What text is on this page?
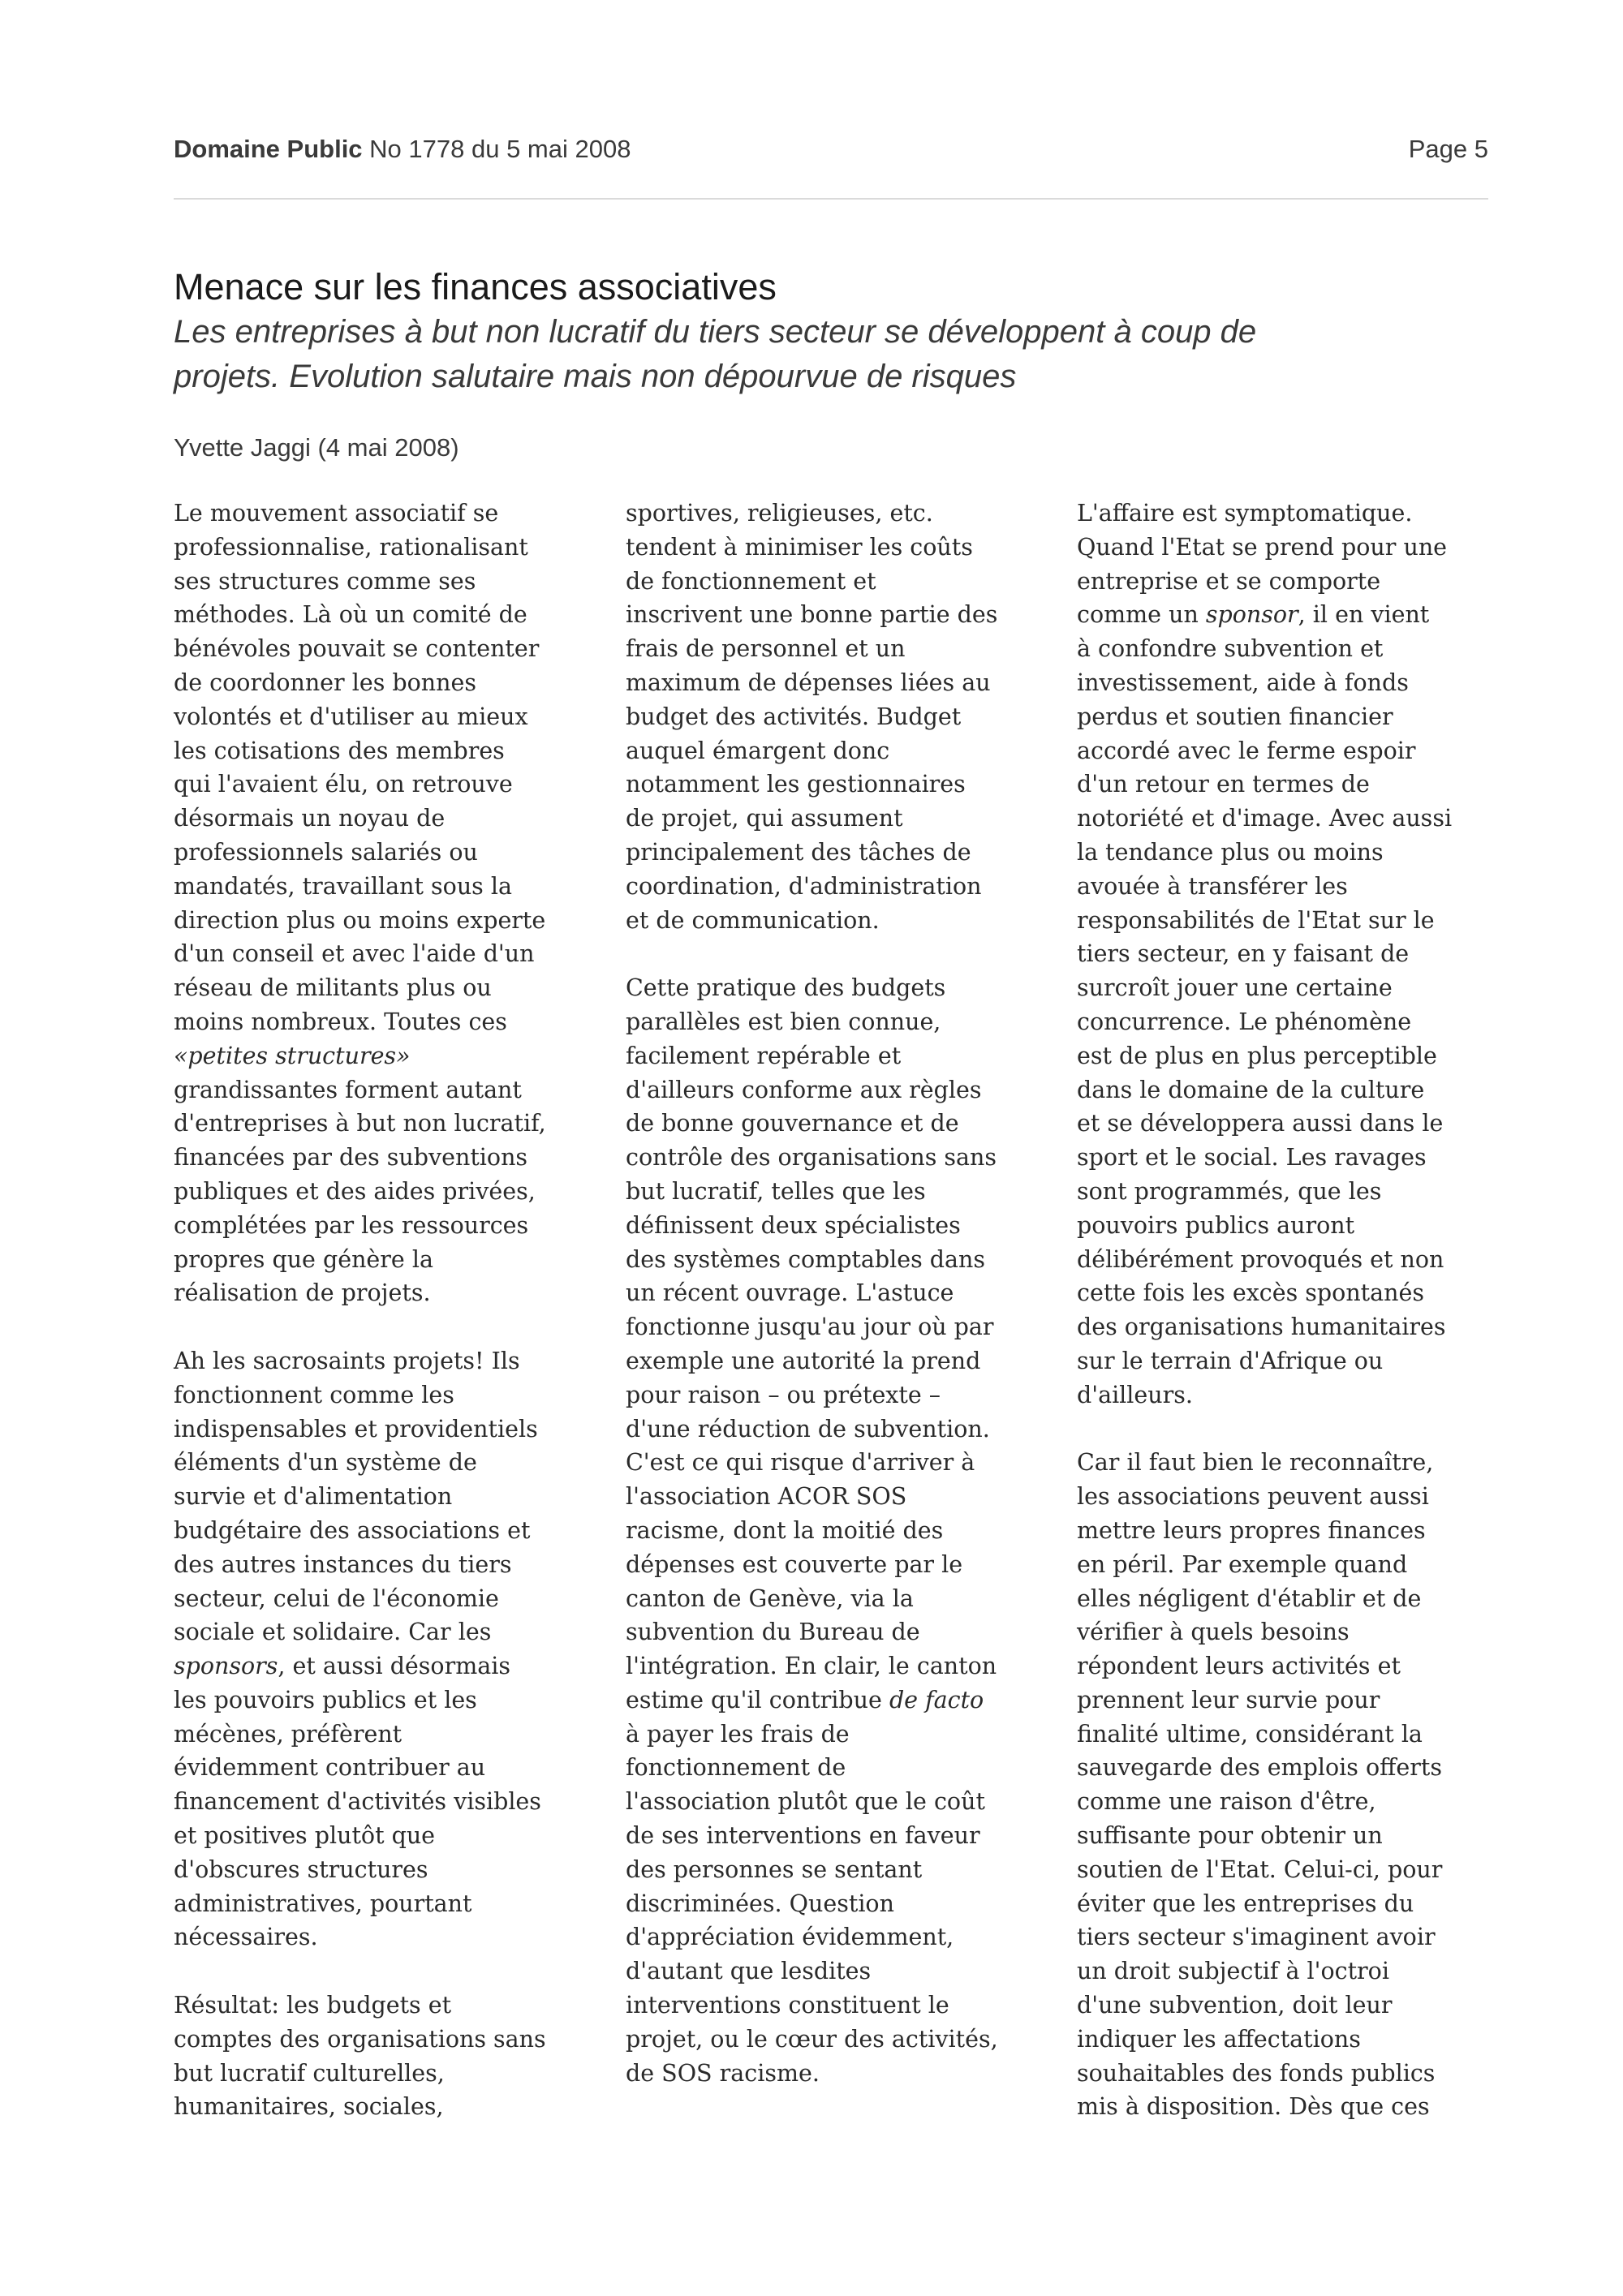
Domaine Public No 1778 du 5 mai 2008	Page 5
Menace sur les finances associatives
Les entreprises à but non lucratif du tiers secteur se développent à coup de
projets. Evolution salutaire mais non dépourvue de risques
Yvette Jaggi (4 mai 2008)

Le mouvement associatif se
professionnalise, rationalisant
ses structures comme ses
méthodes. Là où un comité de
bénévoles pouvait se contenter
de coordonner les bonnes
volontés et d'utiliser au mieux
les cotisations des membres
qui l'avaient élu, on retrouve
désormais un noyau de
professionnels salariés ou
mandatés, travaillant sous la
direction plus ou moins experte
d'un conseil et avec l'aide d'un
réseau de militants plus ou
moins nombreux. Toutes ces
«petites structures»
grandissantes forment autant
d'entreprises à but non lucratif,
financées par des subventions
publiques et des aides privées,
complétées par les ressources
propres que génère la
réalisation de projets.

Ah les sacrosaints projets! Ils
fonctionnent comme les
indispensables et providentiels
éléments d'un système de
survie et d'alimentation
budgétaire des associations et
des autres instances du tiers
secteur, celui de l'économie
sociale et solidaire. Car les
sponsors, et aussi désormais
les pouvoirs publics et les
mécènes, préfèrent
évidemment contribuer au
financement d'activités visibles
et positives plutôt que
d'obscures structures
administratives, pourtant
nécessaires.

Résultat: les budgets et
comptes des organisations sans
but lucratif culturelles,
humanitaires, sociales,

sportives, religieuses, etc.
tendent à minimiser les coûts
de fonctionnement et
inscrivent une bonne partie des
frais de personnel et un
maximum de dépenses liées au
budget des activités. Budget
auquel émargent donc
notamment les gestionnaires
de projet, qui assument
principalement des tâches de
coordination, d'administration
et de communication.

Cette pratique des budgets
parallèles est bien connue,
facilement repérable et
d'ailleurs conforme aux règles
de bonne gouvernance et de
contrôle des organisations sans
but lucratif, telles que les
définissent deux spécialistes
des systèmes comptables dans
un récent ouvrage. L'astuce
fonctionne jusqu'au jour où par
exemple une autorité la prend
pour raison – ou prétexte –
d'une réduction de subvention.
C'est ce qui risque d'arriver à
l'association ACOR SOS
racisme, dont la moitié des
dépenses est couverte par le
canton de Genève, via la
subvention du Bureau de
l'intégration. En clair, le canton
estime qu'il contribue de facto
à payer les frais de
fonctionnement de
l'association plutôt que le coût
de ses interventions en faveur
des personnes se sentant
discriminées. Question
d'appréciation évidemment,
d'autant que lesdites
interventions constituent le
projet, ou le cœur des activités,
de SOS racisme.

L'affaire est symptomatique.
Quand l'Etat se prend pour une
entreprise et se comporte
comme un sponsor, il en vient
à confondre subvention et
investissement, aide à fonds
perdus et soutien financier
accordé avec le ferme espoir
d'un retour en termes de
notoriété et d'image. Avec aussi
la tendance plus ou moins
avouée à transférer les
responsabilités de l'Etat sur le
tiers secteur, en y faisant de
surcroît jouer une certaine
concurrence. Le phénomène
est de plus en plus perceptible
dans le domaine de la culture
et se développera aussi dans le
sport et le social. Les ravages
sont programmés, que les
pouvoirs publics auront
délibérément provoqués et non
cette fois les excès spontanés
des organisations humanitaires
sur le terrain d'Afrique ou
d'ailleurs.

Car il faut bien le reconnaître,
les associations peuvent aussi
mettre leurs propres finances
en péril. Par exemple quand
elles négligent d'établir et de
vérifier à quels besoins
répondent leurs activités et
prennent leur survie pour
finalité ultime, considérant la
sauvegarde des emplois offerts
comme une raison d'être,
suffisante pour obtenir un
soutien de l'Etat. Celui-ci, pour
éviter que les entreprises du
tiers secteur s'imaginent avoir
un droit subjectif à l'octroi
d'une subvention, doit leur
indiquer les affectations
souhaitables des fonds publics
mis à disposition. Dès que ces
